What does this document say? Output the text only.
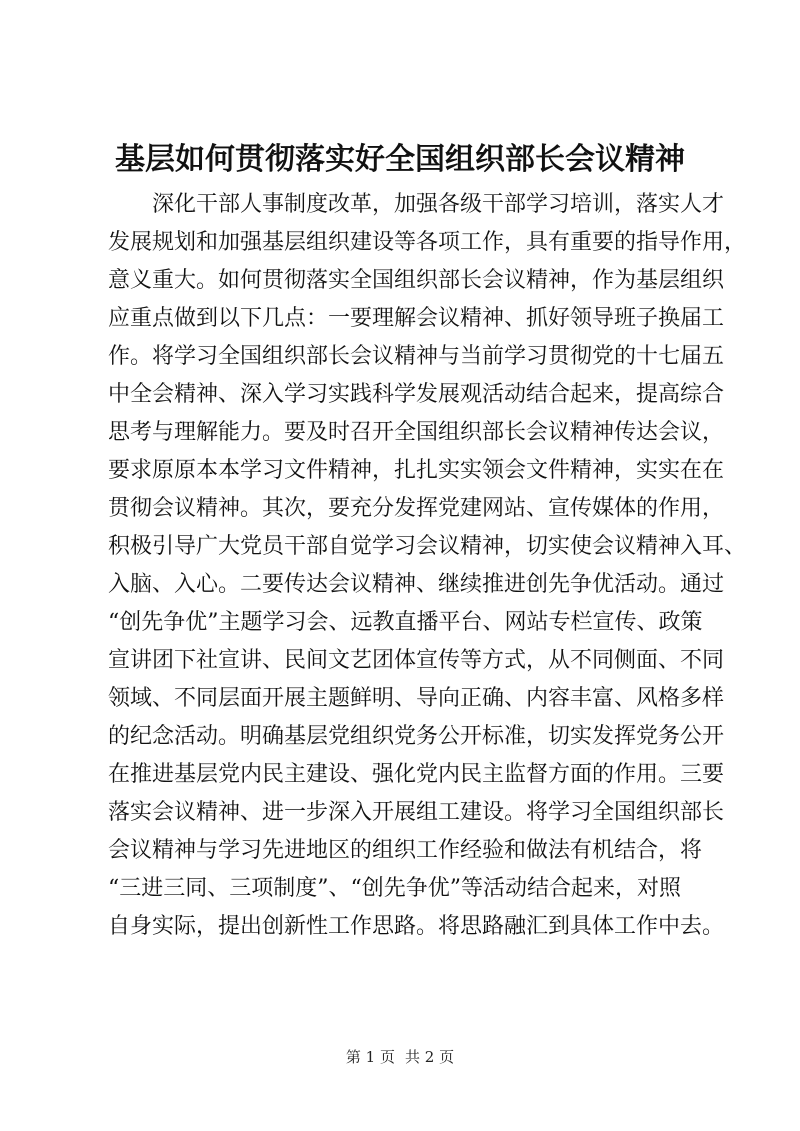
基层如何贯彻落实好全国组织部长会议精神
深化干部人事制度改革，加强各级干部学习培训，落实人才
发展规划和加强基层组织建设等各项工作，具有重要的指导作用，
意义重大。如何贯彻落实全国组织部长会议精神，作为基层组织
应重点做到以下几点：一要理解会议精神、抓好领导班子换届工
作。将学习全国组织部长会议精神与当前学习贯彻党的十七届五
中全会精神、深入学习实践科学发展观活动结合起来，提高综合
思考与理解能力。要及时召开全国组织部长会议精神传达会议，
要求原原本本学习文件精神，扎扎实实领会文件精神，实实在在
贯彻会议精神。其次，要充分发挥党建网站、宣传媒体的作用，
积极引导广大党员干部自觉学习会议精神，切实使会议精神入耳、
入脑、入心。二要传达会议精神、继续推进创先争优活动。通过
“创先争优”主题学习会、远教直播平台、网站专栏宣传、政策
宣讲团下社宣讲、民间文艺团体宣传等方式，从不同侧面、不同
领域、不同层面开展主题鲜明、导向正确、内容丰富、风格多样
的纪念活动。明确基层党组织党务公开标准，切实发挥党务公开
在推进基层党内民主建设、强化党内民主监督方面的作用。三要
落实会议精神、进一步深入开展组工建设。将学习全国组织部长
会议精神与学习先进地区的组织工作经验和做法有机结合，将
“三进三同、三项制度”、“创先争优”等活动结合起来，对照
自身实际，提出创新性工作思路。将思路融汇到具体工作中去。
第 1 页 共 2 页
